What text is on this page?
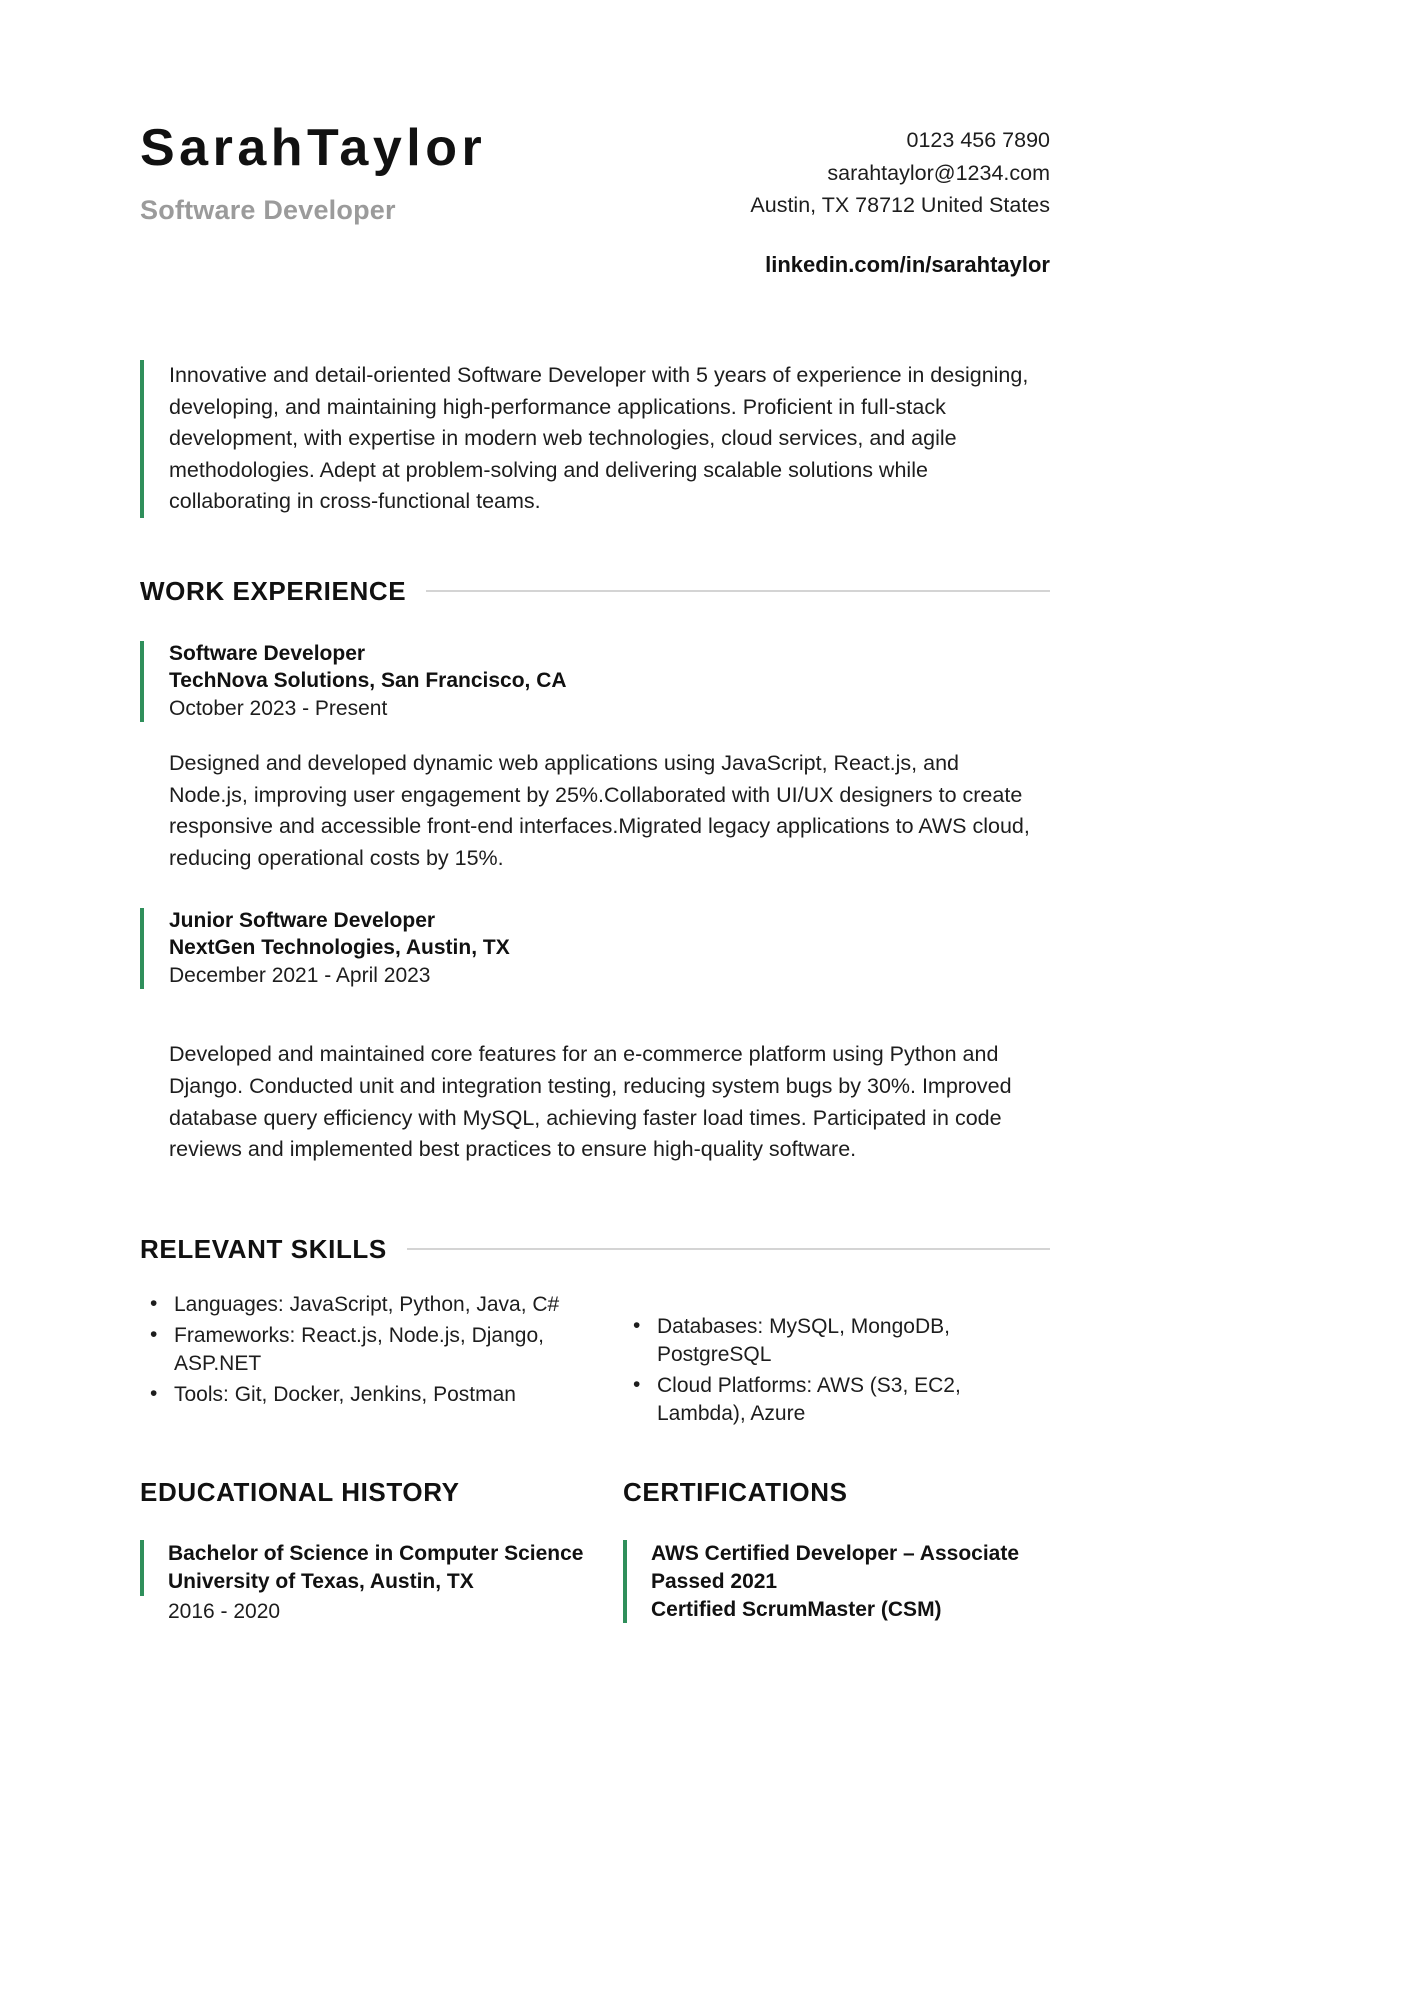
SarahTaylor
Software Developer
0123 456 7890
sarahtaylor@1234.com
Austin, TX 78712 United States
linkedin.com/in/sarahtaylor

Innovative and detail-oriented Software Developer with 5 years of experience in designing, developing, and maintaining high-performance applications. Proficient in full-stack development, with expertise in modern web technologies, cloud services, and agile methodologies. Adept at problem-solving and delivering scalable solutions while collaborating in cross-functional teams.

WORK EXPERIENCE
Software Developer
TechNova Solutions, San Francisco, CA
October 2023 - Present
Designed and developed dynamic web applications using JavaScript, React.js, and Node.js, improving user engagement by 25%.Collaborated with UI/UX designers to create responsive and accessible front-end interfaces.Migrated legacy applications to AWS cloud, reducing operational costs by 15%.
Junior Software Developer
NextGen Technologies, Austin, TX
December 2021 - April 2023
Developed and maintained core features for an e-commerce platform using Python and Django. Conducted unit and integration testing, reducing system bugs by 30%. Improved database query efficiency with MySQL, achieving faster load times. Participated in code reviews and implemented best practices to ensure high-quality software.
RELEVANT SKILLS
• Languages: JavaScript, Python, Java, C#
• Frameworks: React.js, Node.js, Django, ASP.NET
• Tools: Git, Docker, Jenkins, Postman
• Databases: MySQL, MongoDB, PostgreSQL
• Cloud Platforms: AWS (S3, EC2, Lambda), Azure
EDUCATIONAL HISTORY
Bachelor of Science in Computer Science
University of Texas, Austin, TX
2016 - 2020
CERTIFICATIONS
AWS Certified Developer – Associate
Passed 2021
Certified ScrumMaster (CSM)
